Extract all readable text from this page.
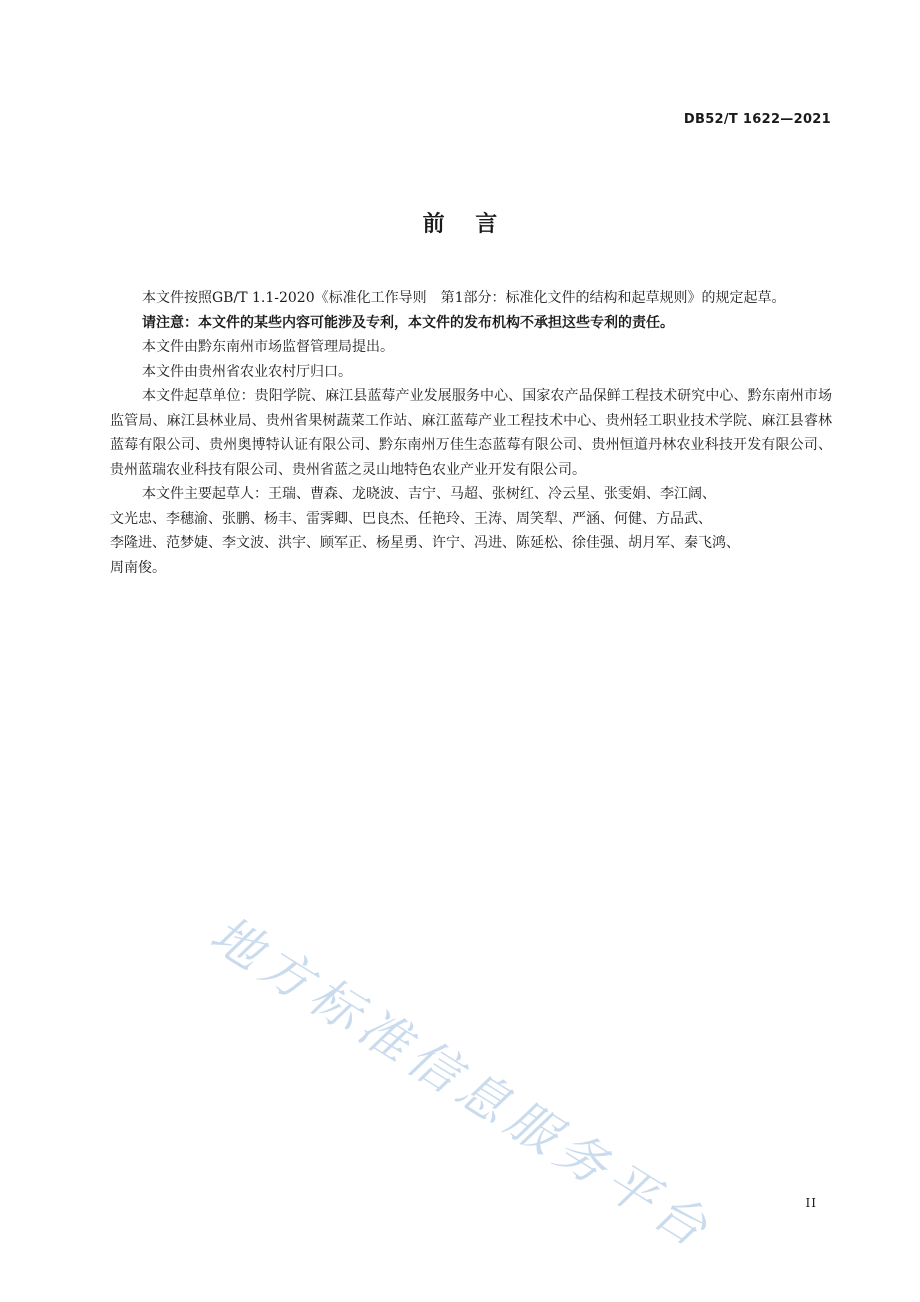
DB52/T 1622—2021
前    言

本文件按照GB/T 1.1-2020《标准化工作导则　第1部分：标准化文件的结构和起草规则》的规定起草。

请注意：本文件的某些内容可能涉及专利，本文件的发布机构不承担这些专利的责任。

本文件由黔东南州市场监督管理局提出。

本文件由贵州省农业农村厅归口。

本文件起草单位：贵阳学院、麻江县蓝莓产业发展服务中心、国家农产品保鲜工程技术研究中心、黔东南州市场监管局、麻江县林业局、贵州省果树蔬菜工作站、麻江蓝莓产业工程技术中心、贵州轻工职业技术学院、麻江县睿林蓝莓有限公司、贵州奥博特认证有限公司、黔东南州万佳生态蓝莓有限公司、贵州恒道丹林农业科技开发有限公司、贵州蓝瑞农业科技有限公司、贵州省蓝之灵山地特色农业产业开发有限公司。

本文件主要起草人：王瑞、曹森、龙晓波、吉宁、马超、张树红、冷云星、张雯娟、李江阔、
文光忠、李穗渝、张鹏、杨丰、雷霁卿、巴良杰、任艳玲、王涛、周笑犁、严涵、何健、方品武、
李隆进、范梦婕、李文波、洪宇、顾军正、杨星勇、许宁、冯进、陈延松、徐佳强、胡月军、秦飞鸿、
周南俊。

地方标准信息服务平台	II
